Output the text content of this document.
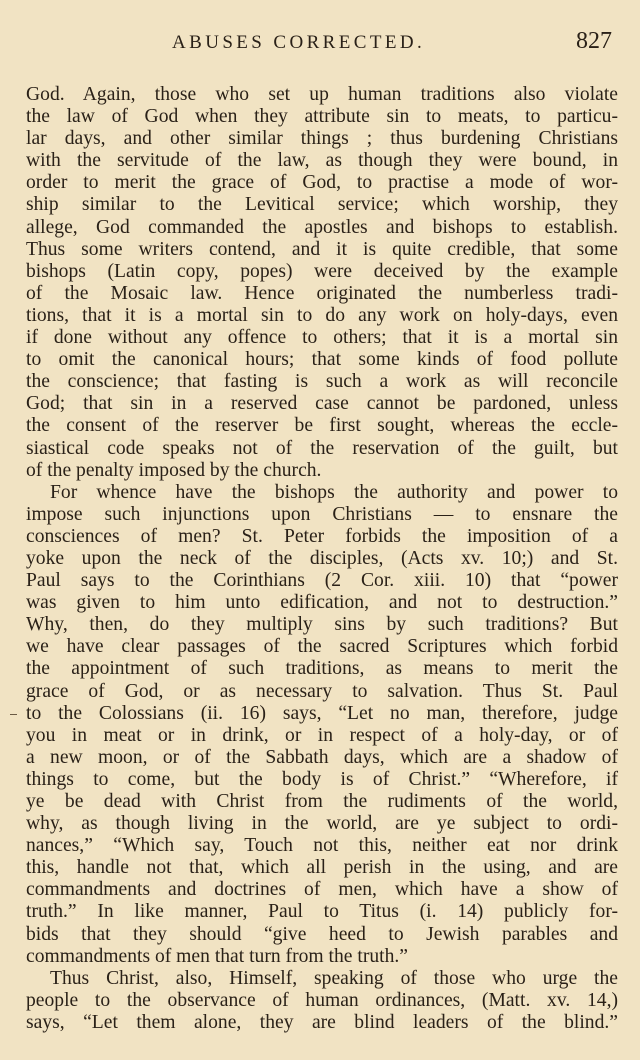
ABUSES CORRECTED.	827
God. Again, those who set up human traditions also violate
the law of God when they attribute sin to meats, to particu-
lar days, and other similar things ; thus burdening Christians
with the servitude of the law, as though they were bound, in
order to merit the grace of God, to practise a mode of wor-
ship similar to the Levitical service; which worship, they
allege, God commanded the apostles and bishops to establish.
Thus some writers contend, and it is quite credible, that some
bishops (Latin copy, popes) were deceived by the example
of the Mosaic law. Hence originated the numberless tradi-
tions, that it is a mortal sin to do any work on holy-days, even
if done without any offence to others; that it is a mortal sin
to omit the canonical hours; that some kinds of food pollute
the conscience; that fasting is such a work as will reconcile
God; that sin in a reserved case cannot be pardoned, unless
the consent of the reserver be first sought, whereas the eccle-
siastical code speaks not of the reservation of the guilt, but
of the penalty imposed by the church.
For whence have the bishops the authority and power to
impose such injunctions upon Christians — to ensnare the
consciences of men? St. Peter forbids the imposition of a
yoke upon the neck of the disciples, (Acts xv. 10;) and St.
Paul says to the Corinthians (2 Cor. xiii. 10) that “power
was given to him unto edification, and not to destruction.”
Why, then, do they multiply sins by such traditions? But
we have clear passages of the sacred Scriptures which forbid
the appointment of such traditions, as means to merit the
grace of God, or as necessary to salvation. Thus St. Paul
to the Colossians (ii. 16) says, “Let no man, therefore, judge
you in meat or in drink, or in respect of a holy-day, or of
a new moon, or of the Sabbath days, which are a shadow of
things to come, but the body is of Christ.” “Wherefore, if
ye be dead with Christ from the rudiments of the world,
why, as though living in the world, are ye subject to ordi-
nances,” “Which say, Touch not this, neither eat nor drink
this, handle not that, which all perish in the using, and are
commandments and doctrines of men, which have a show of
truth.” In like manner, Paul to Titus (i. 14) publicly for-
bids that they should “give heed to Jewish parables and
commandments of men that turn from the truth.”
Thus Christ, also, Himself, speaking of those who urge the
people to the observance of human ordinances, (Matt. xv. 14,)
says, “Let them alone, they are blind leaders of the blind.”
